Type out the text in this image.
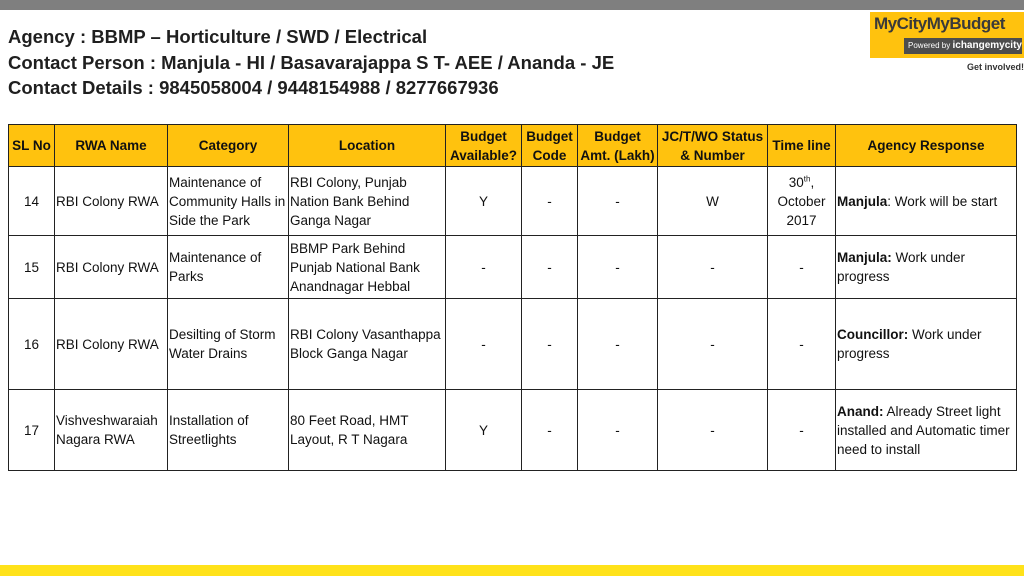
Agency : BBMP – Horticulture / SWD / Electrical
Contact Person : Manjula - HI / Basavarajappa S T- AEE / Ananda - JE
Contact Details : 9845058004 / 9448154988 / 8277667936
MyCityMyBudget
Powered by ichangemycity
Get involved!
SL No	RWA Name	Category	Location	Budget Available?	Budget Code	Budget Amt. (Lakh)	JC/T/WO Status & Number	Time line	Agency Response
14	RBI Colony RWA	Maintenance of Community Halls in Side the Park	RBI Colony, Punjab Nation Bank Behind Ganga Nagar	Y	-	-	W	30th, October 2017	Manjula: Work will be start
15	RBI Colony RWA	Maintenance of Parks	BBMP Park Behind Punjab National Bank Anandnagar Hebbal	-	-	-	-	-	Manjula: Work under progress
16	RBI Colony RWA	Desilting of Storm Water Drains	RBI Colony Vasanthappa Block Ganga Nagar	-	-	-	-	-	Councillor: Work under progress
17	Vishveshwaraiah Nagara RWA	Installation of Streetlights	80 Feet Road, HMT Layout, R T Nagara	Y	-	-	-	-	Anand: Already Street light installed and Automatic timer need to install
